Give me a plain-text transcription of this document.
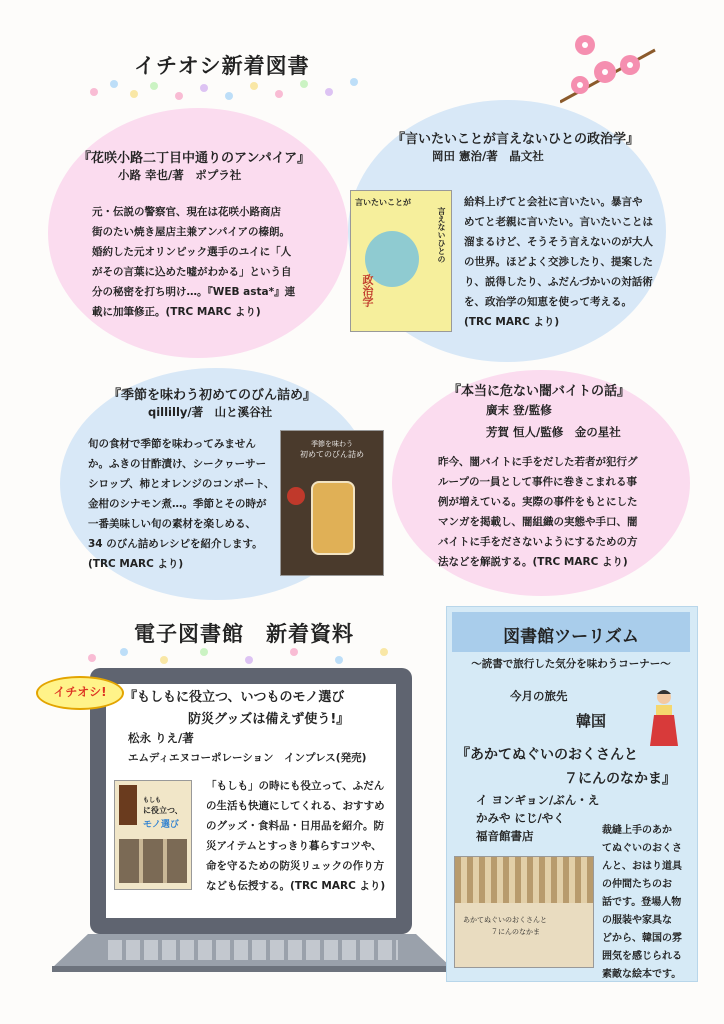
イチオシ新着図書
『花咲小路二丁目中通りのアンパイア』
小路 幸也/著　ポプラ社
元・伝説の警察官、現在は花咲小路商店
街のたい焼き屋店主兼アンパイアの榛朗。
婚約した元オリンピック選手のユイに「人
がその言葉に込めた嘘がわかる」という自
分の秘密を打ち明け…。『WEB asta*』連
載に加筆修正。(TRC MARC より)
『言いたいことが言えないひとの政治学』
岡田 憲治/著　晶文社
言いたいことが
言えないひとの
政治学
給料上げてと会社に言いたい。暴言や
めてと老親に言いたい。言いたいことは
溜まるけど、そうそう言えないのが大人
の世界。ほどよく交渉したり、提案した
り、説得したり、ふだんづかいの対話術
を、政治学の知恵を使って考える。
(TRC MARC より)
『季節を味わう初めてのびん詰め』
qillilly/著　山と溪谷社
旬の食材で季節を味わってみません
か。ふきの甘酢漬け、シークヮーサー
シロップ、柿とオレンジのコンポート、
金柑のシナモン煮…。季節とその時が
一番美味しい旬の素材を楽しめる、
34 のびん詰めレシピを紹介します。
(TRC MARC より)
季節を味わう
初めてのびん詰め
『本当に危ない闇バイトの話』
廣末 登/監修
芳賀 恒人/監修　金の星社
昨今、闇バイトに手をだした若者が犯行グ
ループの一員として事件に巻きこまれる事
例が増えている。実際の事件をもとにした
マンガを掲載し、闇組織の実態や手口、闇
バイトに手をださないようにするための方
法などを解説する。(TRC MARC より)
電子図書館　新着資料
イチオシ!	『もしもに役立つ、いつものモノ選び
防災グッズは備えず使う!』
松永 りえ/著
エムディエヌコーポレーション　インプレス(発売)
もしも
に役立つ、
モノ選び
「もしも」の時にも役立って、ふだん
の生活も快適にしてくれる、おすすめ
のグッズ・食料品・日用品を紹介。防
災アイテムとすっきり暮らすコツや、
命を守るための防災リュックの作り方
なども伝授する。(TRC MARC より)
図書館ツーリズム
～読書で旅行した気分を味わうコーナー～
今月の旅先
韓国
『あかてぬぐいのおくさんと
７にんのなかま』
イ ヨンギョン/ぶん・え
かみや にじ/やく
福音館書店
あかてぬぐいのおくさんと
７にんのなかま
裁縫上手のあか
てぬぐいのおくさ
んと、おはり道具
の仲間たちのお
話です。登場人物
の服装や家具な
どから、韓国の雰
囲気を感じられる
素敵な絵本です。
